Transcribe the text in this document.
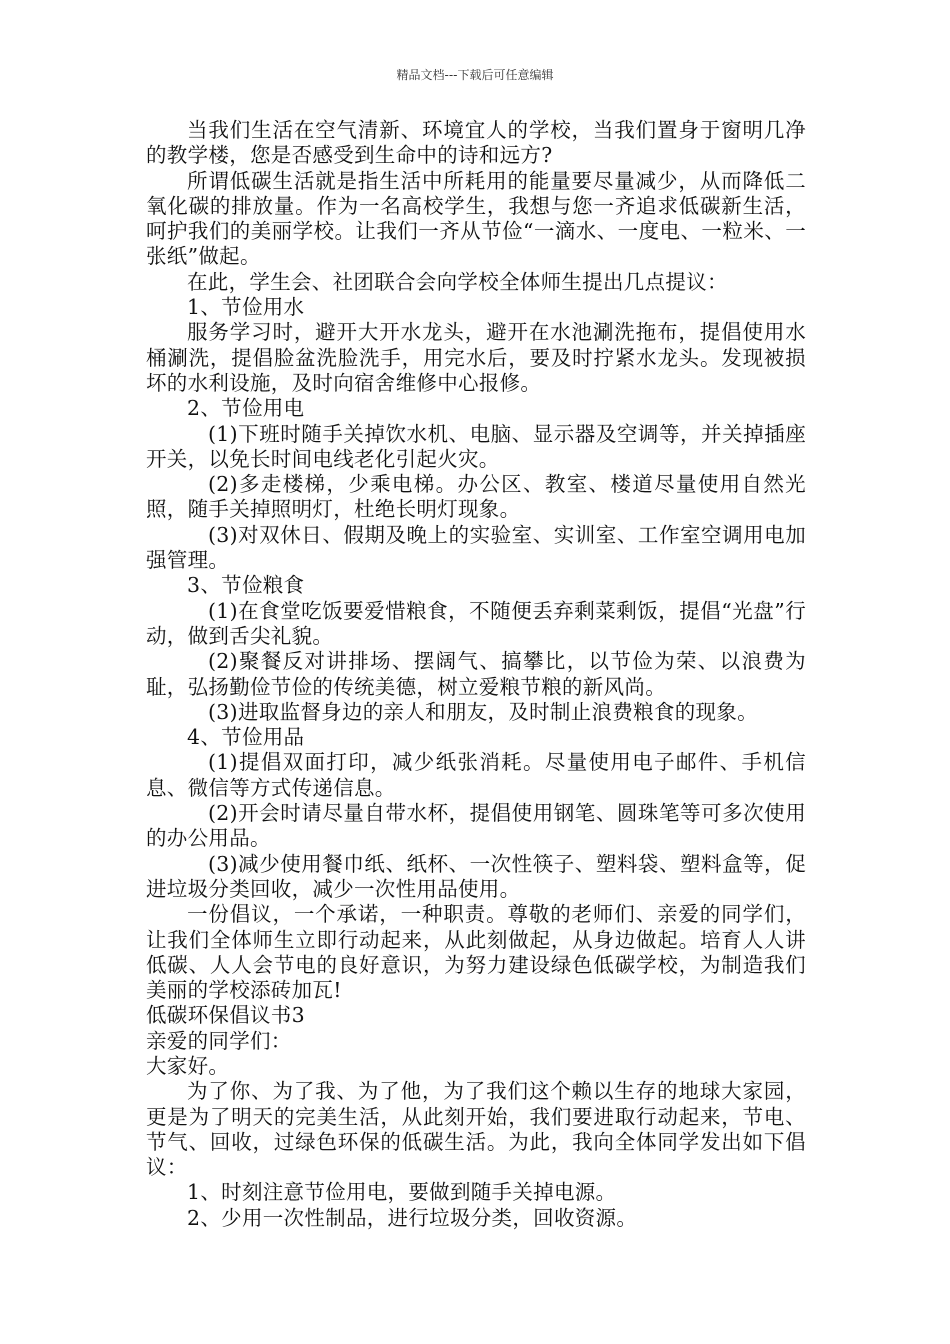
精品文档---下载后可任意编辑

当我们生活在空气清新、环境宜人的学校，当我们置身于窗明几净的教学楼，您是否感受到生命中的诗和远方?

所谓低碳生活就是指生活中所耗用的能量要尽量减少，从而降低二氧化碳的排放量。作为一名高校学生，我想与您一齐追求低碳新生活，呵护我们的美丽学校。让我们一齐从节俭“一滴水、一度电、一粒米、一张纸”做起。

在此，学生会、社团联合会向学校全体师生提出几点提议：

1、节俭用水

服务学习时，避开大开水龙头，避开在水池涮洗拖布，提倡使用水桶涮洗，提倡脸盆洗脸洗手，用完水后，要及时拧紧水龙头。发现被损坏的水利设施，及时向宿舍维修中心报修。

2、节俭用电

(1)下班时随手关掉饮水机、电脑、显示器及空调等，并关掉插座开关，以免长时间电线老化引起火灾。

(2)多走楼梯，少乘电梯。办公区、教室、楼道尽量使用自然光照，随手关掉照明灯，杜绝长明灯现象。

(3)对双休日、假期及晚上的实验室、实训室、工作室空调用电加强管理。

3、节俭粮食

(1)在食堂吃饭要爱惜粮食，不随便丢弃剩菜剩饭，提倡“光盘”行动，做到舌尖礼貌。

(2)聚餐反对讲排场、摆阔气、搞攀比，以节俭为荣、以浪费为耻，弘扬勤俭节俭的传统美德，树立爱粮节粮的新风尚。

(3)进取监督身边的亲人和朋友，及时制止浪费粮食的现象。

4、节俭用品

(1)提倡双面打印，减少纸张消耗。尽量使用电子邮件、手机信息、微信等方式传递信息。

(2)开会时请尽量自带水杯，提倡使用钢笔、圆珠笔等可多次使用的办公用品。

(3)减少使用餐巾纸、纸杯、一次性筷子、塑料袋、塑料盒等，促进垃圾分类回收，减少一次性用品使用。

一份倡议，一个承诺，一种职责。尊敬的老师们、亲爱的同学们，让我们全体师生立即行动起来，从此刻做起，从身边做起。培育人人讲低碳、人人会节电的良好意识，为努力建设绿色低碳学校，为制造我们美丽的学校添砖加瓦!

低碳环保倡议书3

亲爱的同学们：

大家好。

为了你、为了我、为了他，为了我们这个赖以生存的地球大家园，更是为了明天的完美生活，从此刻开始，我们要进取行动起来，节电、节气、回收，过绿色环保的低碳生活。为此，我向全体同学发出如下倡议：

1、时刻注意节俭用电，要做到随手关掉电源。

2、少用一次性制品，进行垃圾分类，回收资源。
